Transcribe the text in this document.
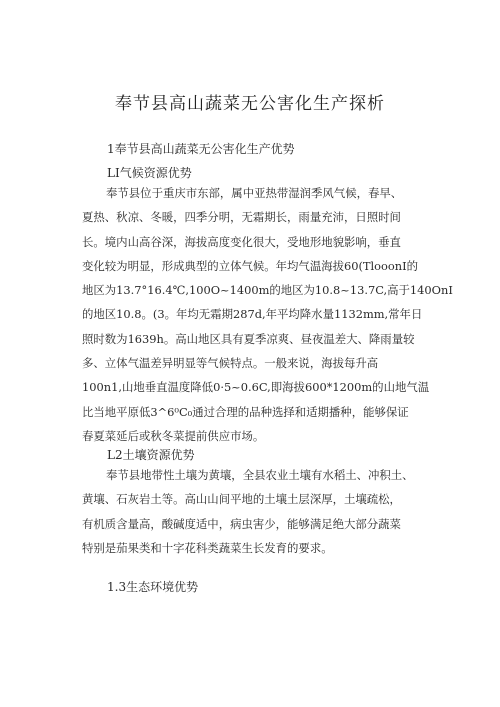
奉节县高山蔬菜无公害化生产探析
1奉节县高山蔬菜无公害化生产优势
LI气候资源优势
奉节县位于重庆市东部，属中亚热带湿润季风气候，春早、
夏热、秋凉、冬暖，四季分明，无霜期长，雨量充沛，日照时间
长。境内山高谷深，海拔高度变化很大，受地形地貌影响，垂直
变化较为明显，形成典型的立体气候。年均气温海拔60(TlooonI的
地区为13.7°16.4℃,100O~1400m的地区为10.8~13.7C,高于140OnI
的地区10.8。(3。年均无霜期287d,年平均降水量1132mm,常年日
照时数为1639h。高山地区具有夏季凉爽、昼夜温差大、降雨量较
多、立体气温差异明显等气候特点。一般来说，海拔每升高
100n1,山地垂直温度降低0·5~0.6C,即海拔600*1200m的山地气温
比当地平原低3^6⁰C₀通过合理的品种选择和适期播种，能够保证
春夏菜延后或秋冬菜提前供应市场。
L2土壤资源优势
奉节县地带性土壤为黄壤，全县农业土壤有水稻土、冲积土、
黄壤、石灰岩土等。高山山间平地的土壤土层深厚，土壤疏松，
有机质含量高，酸碱度适中，病虫害少，能够满足绝大部分蔬菜
特别是茄果类和十字花科类蔬菜生长发育的要求。
1.3生态环境优势
